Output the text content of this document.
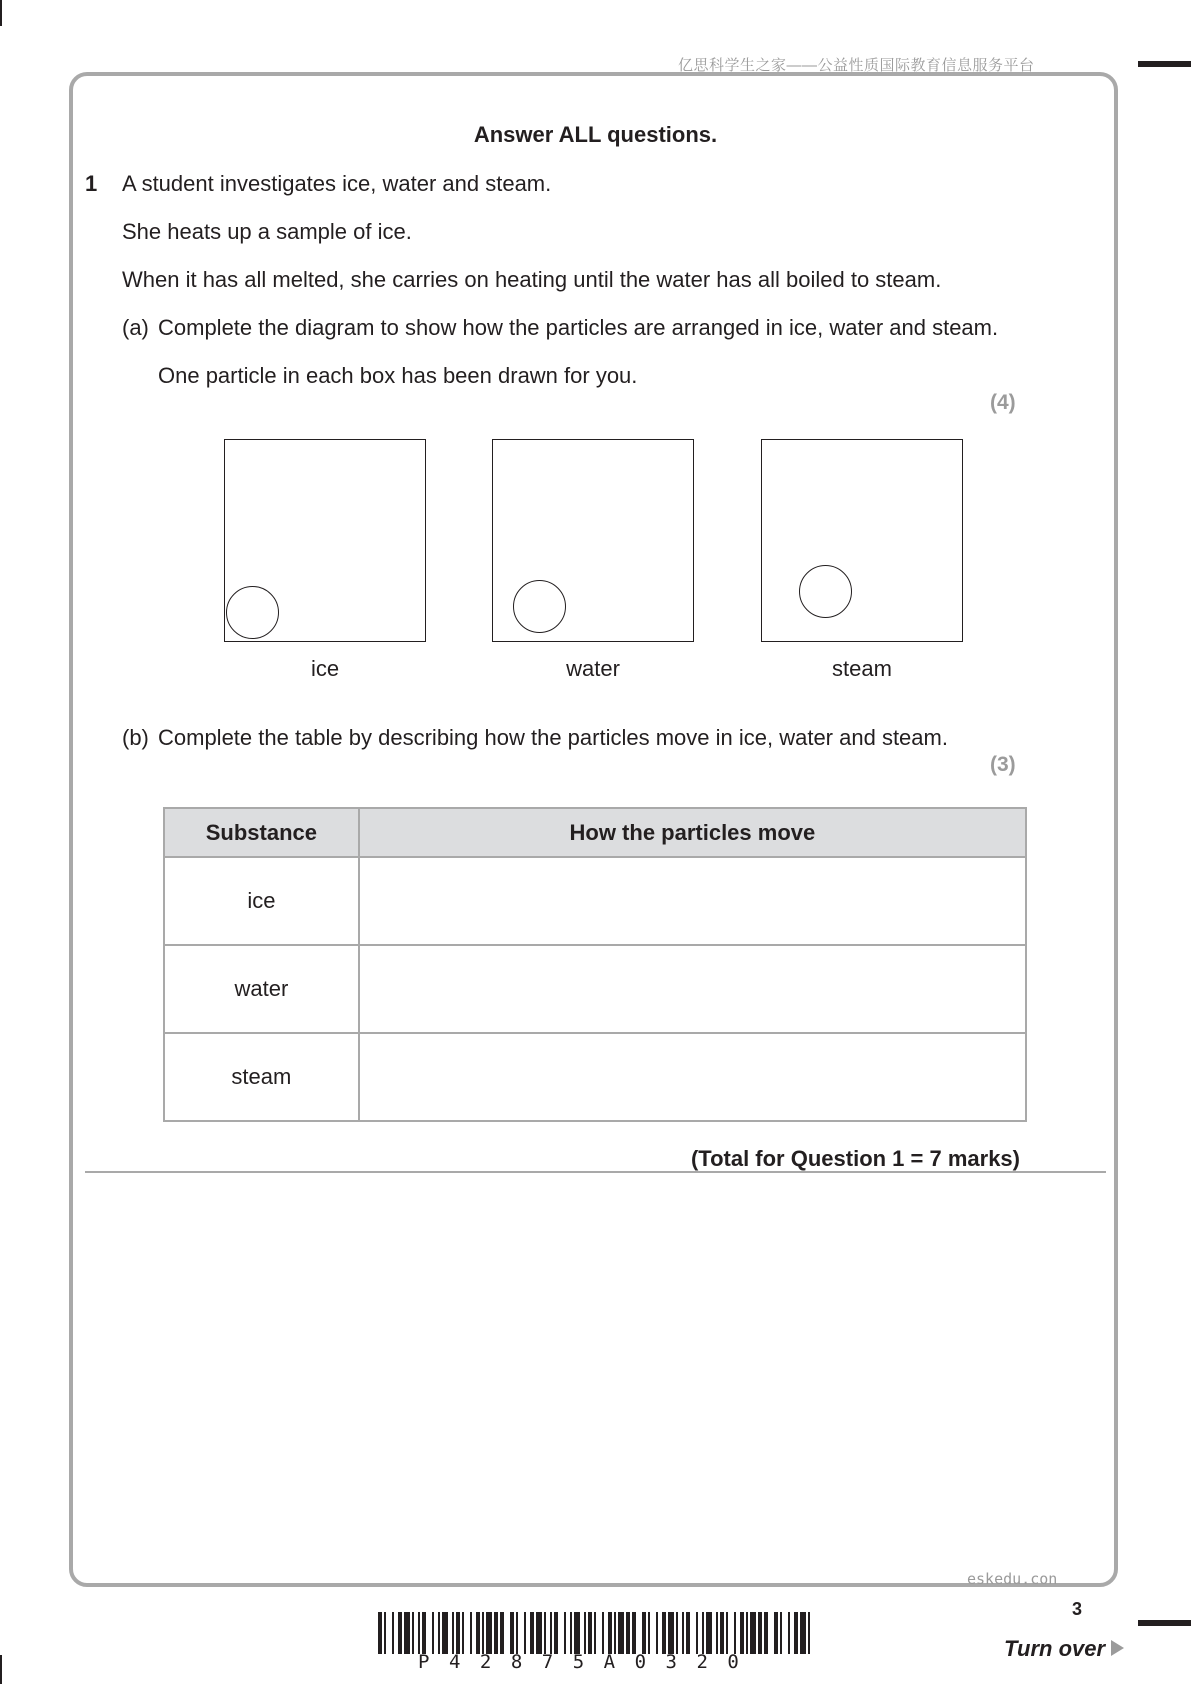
亿思科学生之家——公益性质国际教育信息服务平台
Answer ALL questions.
1 A student investigates ice, water and steam.
She heats up a sample of ice.
When it has all melted, she carries on heating until the water has all boiled to steam.
(a) Complete the diagram to show how the particles are arranged in ice, water and steam.
One particle in each box has been drawn for you.
(4)
ice	water	steam
(b) Complete the table by describing how the particles move in ice, water and steam.
(3)
Substance	How the particles move
ice	
water	
steam	
(Total for Question 1 = 7 marks)
eskedu.con
3
P42875A0320
Turn over
